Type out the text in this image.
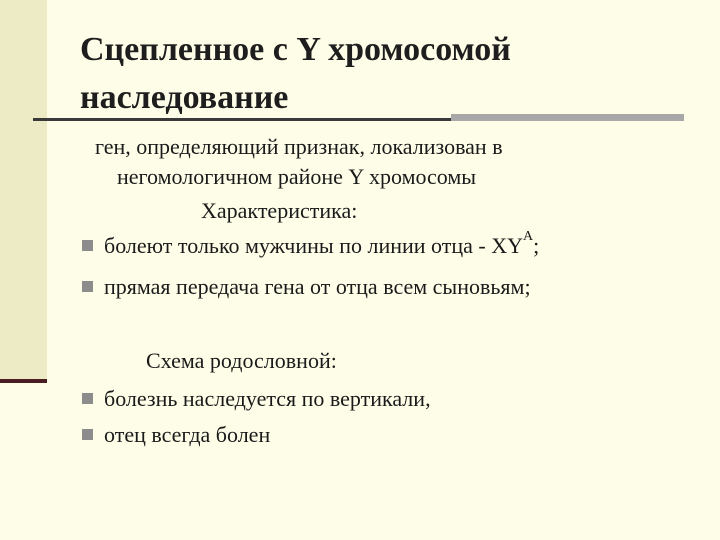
Сцепленное с Y хромосомой
наследование
ген, определяющий признак, локализован в
негомологичном районе Y хромосомы
Характеристика:
болеют только мужчины по линии отца - $XY^A$;
прямая передача гена от отца всем сыновьям;
Схема родословной:
болезнь наследуется по вертикали,
отец всегда болен
